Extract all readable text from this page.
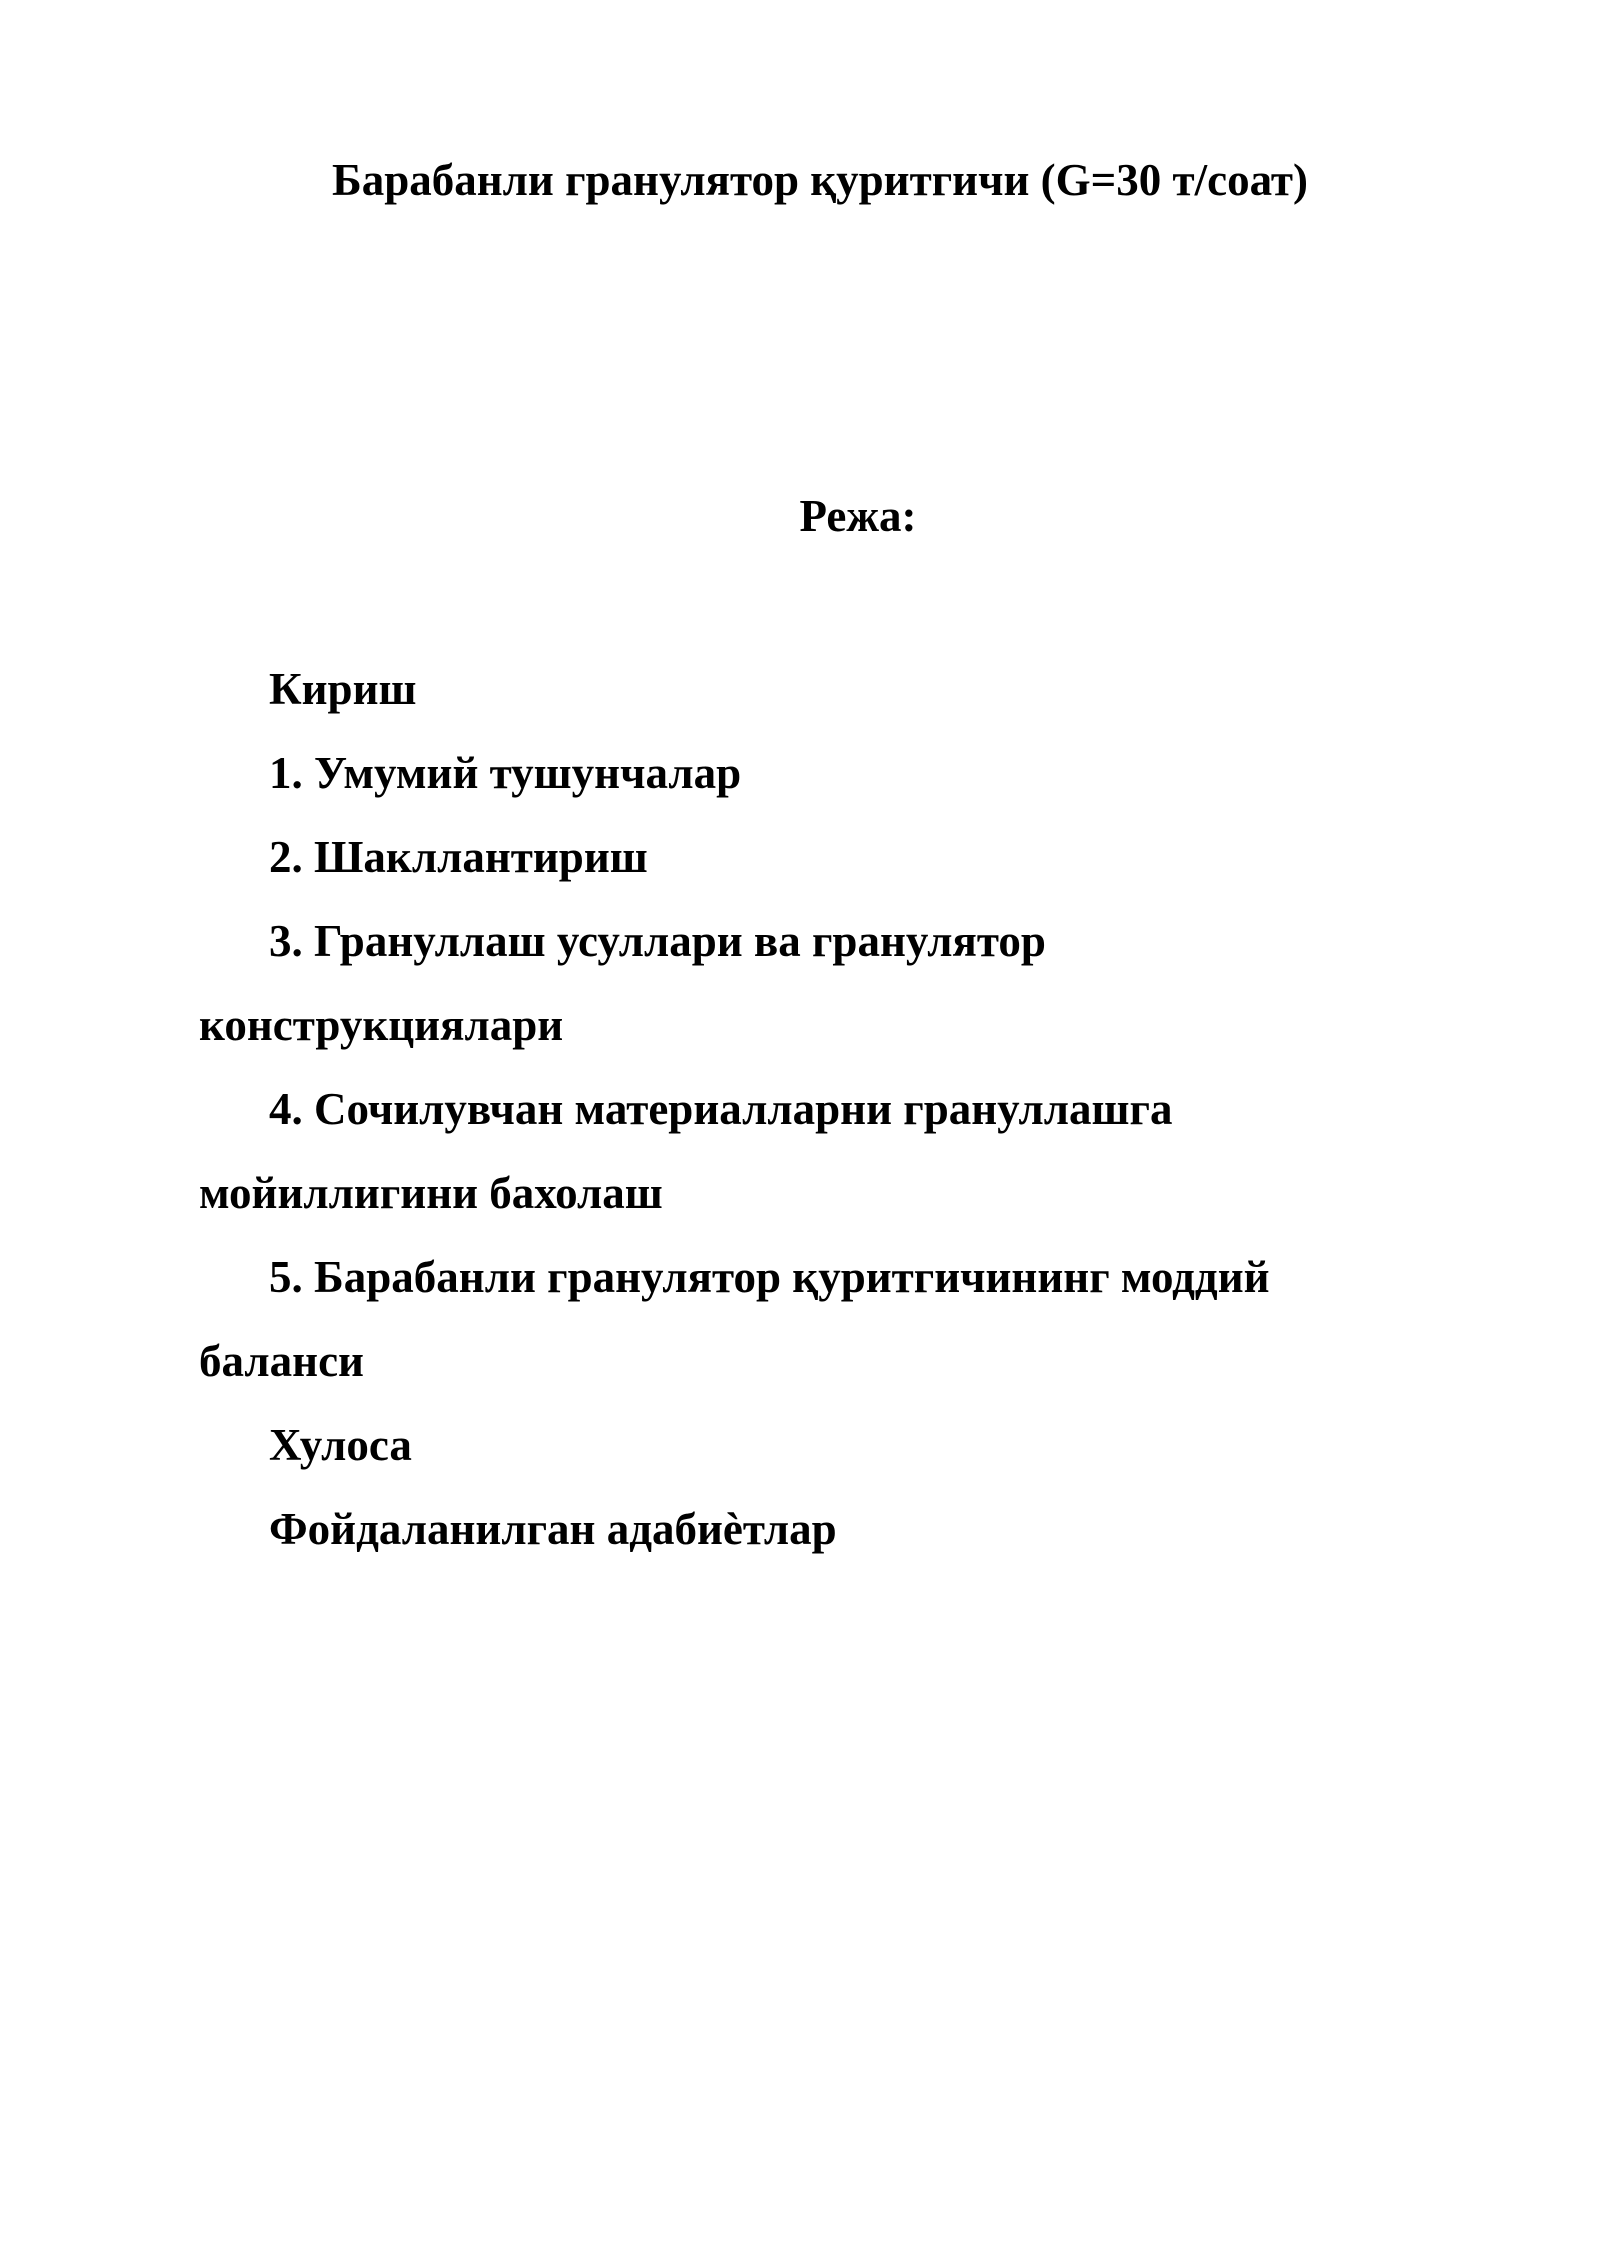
Барабанли гранулятор қуритгичи (G=30 т/соат)
Режа:
Кириш
1. Умумий тушунчалар
2. Шакллантириш
3. Грануллаш усуллари ва гранулятор конструкциялари
4. Сочилувчан материалларни грануллашга мойиллигини бахолаш
5. Барабанли гранулятор қуритгичининг моддий баланси
Хулоса
Фойдаланилган адабиѐтлар
